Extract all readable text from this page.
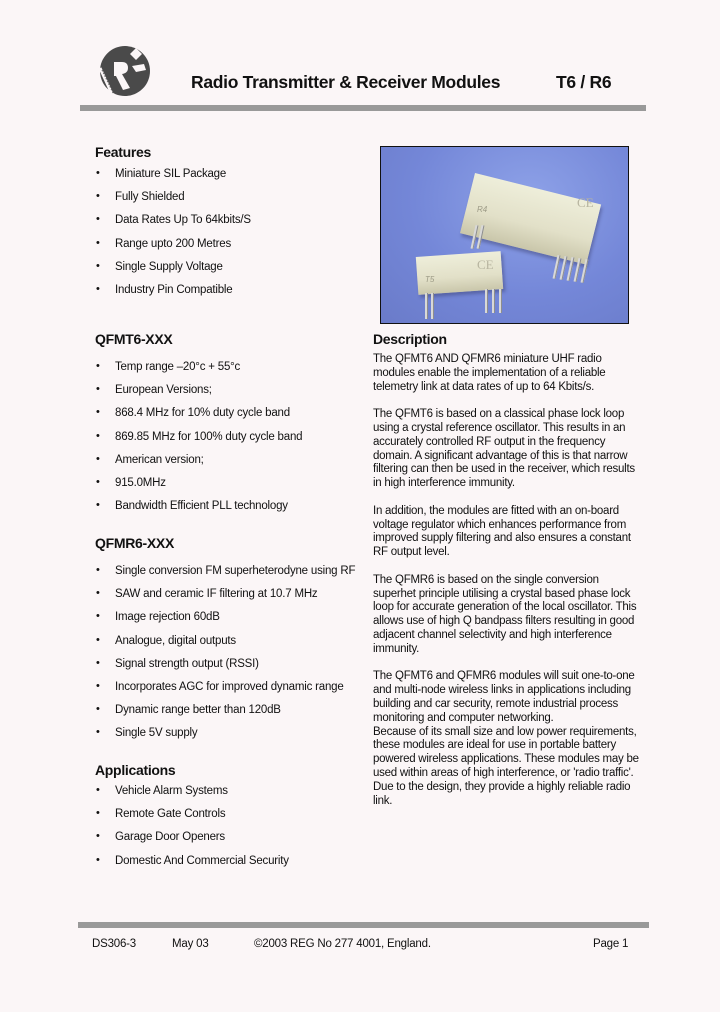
Radio Transmitter & Receiver Modules	T6 / R6
Features
• Miniature SIL Package
• Fully Shielded
• Data Rates Up To 64kbits/S
• Range upto 200 Metres
• Single Supply Voltage
• Industry Pin Compatible
QFMT6-XXX
• Temp range –20°c + 55°c
• European Versions;
• 868.4 MHz for 10% duty cycle band
• 869.85 MHz for 100% duty cycle band
• American version;
• 915.0MHz
• Bandwidth Efficient PLL technology
QFMR6-XXX
• Single conversion FM superheterodyne using RF
• SAW and ceramic IF filtering at 10.7 MHz
• Image rejection 60dB
• Analogue, digital outputs
• Signal strength output (RSSI)
• Incorporates AGC for improved dynamic range
• Dynamic range better than 120dB
• Single 5V supply
Applications
• Vehicle Alarm Systems
• Remote Gate Controls
• Garage Door Openers
• Domestic And Commercial Security
R4	CE
T5
CE
Description

The QFMT6 AND QFMR6 miniature UHF radio modules enable the implementation of a reliable telemetry link at data rates of up to 64 Kbits/s.

The QFMT6 is based on a classical phase lock loop using a crystal reference oscillator. This results in an accurately controlled RF output in the frequency domain. A significant advantage of this is that narrow filtering can then be used in the receiver, which results in high interference immunity.

In addition, the modules are fitted with an on-board voltage regulator which enhances performance from improved supply filtering and also ensures a constant RF output level.

The QFMR6 is based on the single conversion superhet principle utilising a crystal based phase lock loop for accurate generation of the local oscillator. This allows use of high Q bandpass filters resulting in good adjacent channel selectivity and high interference immunity.

The QFMT6 and QFMR6 modules will suit one-to-one and multi-node wireless links in applications including building and car security, remote industrial process monitoring and computer networking.

Because of its small size and low power requirements, these modules are ideal for use in portable battery powered wireless applications. These modules may be used within areas of high interference, or 'radio traffic'. Due to the design, they provide a highly reliable radio link.

DS306-3	May 03	©2003 REG No 277 4001, England.	Page 1
